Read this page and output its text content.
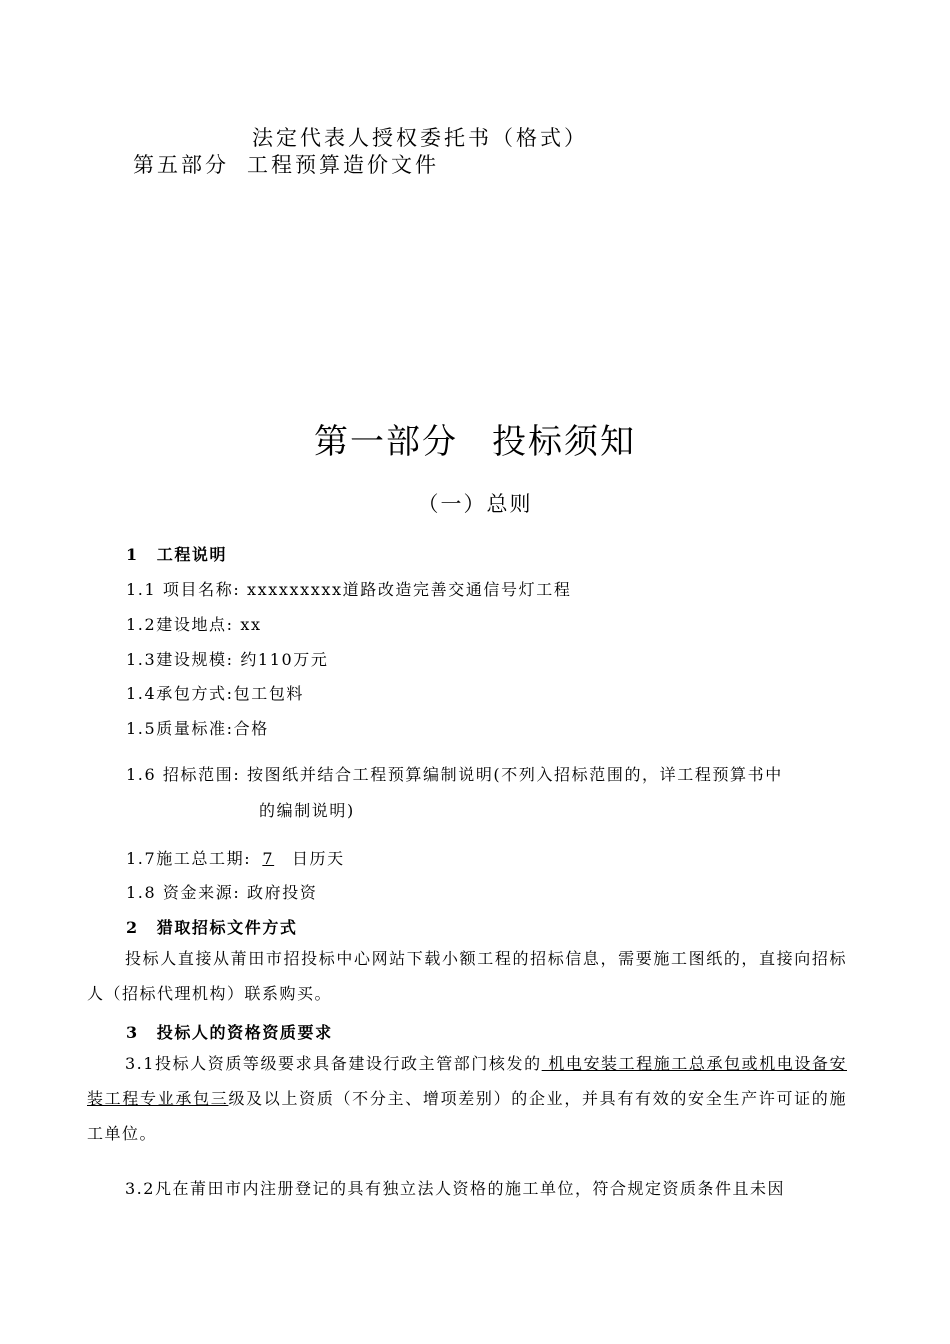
法定代表人授权委托书（格式）
第五部分 工程预算造价文件
第一部分 投标须知
（一）总则
1 工程说明
1.1 项目名称: xxxxxxxxx道路改造完善交通信号灯工程
1.2建设地点: xx
1.3建设规模: 约110万元
1.4承包方式:包工包料
1.5质量标准:合格
1.6 招标范围: 按图纸并结合工程预算编制说明(不列入招标范围的，详工程预算书中
的编制说明)
1.7施工总工期:7 日历天
1.8 资金来源: 政府投资
2 猎取招标文件方式
投标人直接从莆田市招投标中心网站下载小额工程的招标信息，需要施工图纸的，直接向招标人（招标代理机构）联系购买。
3 投标人的资格资质要求
3.1投标人资质等级要求具备建设行政主管部门核发的 机电安装工程施工总承包或机电设备安装工程专业承包三级及以上资质（不分主、增项差别）的企业，并具有有效的安全生产许可证的施工单位。
3.2凡在莆田市内注册登记的具有独立法人资格的施工单位，符合规定资质条件且未因
